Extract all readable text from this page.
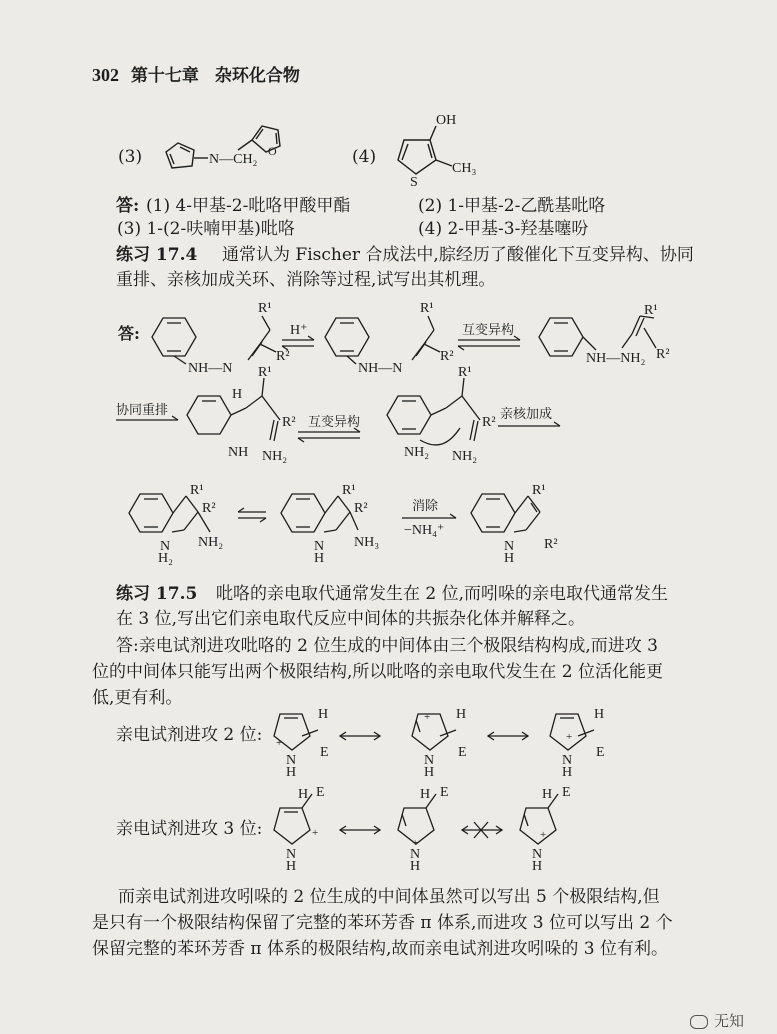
302 第十七章 杂环化合物
(3)	(4)
N—CH₂
O
OH
S
CH₃
答: (1) 4-甲基-2-吡咯甲酸甲酯	(2) 1-甲基-2-乙酰基吡咯
(3) 1-(2-呋喃甲基)吡咯	(4) 2-甲基-3-羟基噻吩
练习 17.4 通常认为 Fischer 合成法中,腙经历了酸催化下互变异构、协同
重排、亲核加成关环、消除等过程,试写出其机理。
答:
NH—N
R¹
R²
H⁺
NH—N
R¹
R²
互变异构
NH—NH₂
R¹
R²
协同重排
H
R¹
R²
NH NH₂
互变异构
R¹
R²
NH₂ NH₂
亲核加成
R¹
R²
N
H₂
NH₂
R¹
R²
N
H
NH₃
消除
−NH₄⁺
R¹
R²
N
H
练习 17.5 吡咯的亲电取代通常发生在 2 位,而吲哚的亲电取代通常发生
在 3 位,写出它们亲电取代反应中间体的共振杂化体并解释之。
答:亲电试剂进攻吡咯的 2 位生成的中间体由三个极限结构构成,而进攻 3
位的中间体只能写出两个极限结构,所以吡咯的亲电取代发生在 2 位活化能更
低,更有利。
亲电试剂进攻 2 位:
亲电试剂进攻 3 位:
H
E
N
H
+
H
E
N
H
+	H
E
N
H
+
H E
+
N
H
H E
N
H
+
H E
N
H
+
而亲电试剂进攻吲哚的 2 位生成的中间体虽然可以写出 5 个极限结构,但
是只有一个极限结构保留了完整的苯环芳香 π 体系,而进攻 3 位可以写出 2 个
保留完整的苯环芳香 π 体系的极限结构,故而亲电试剂进攻吲哚的 3 位有利。
无知
